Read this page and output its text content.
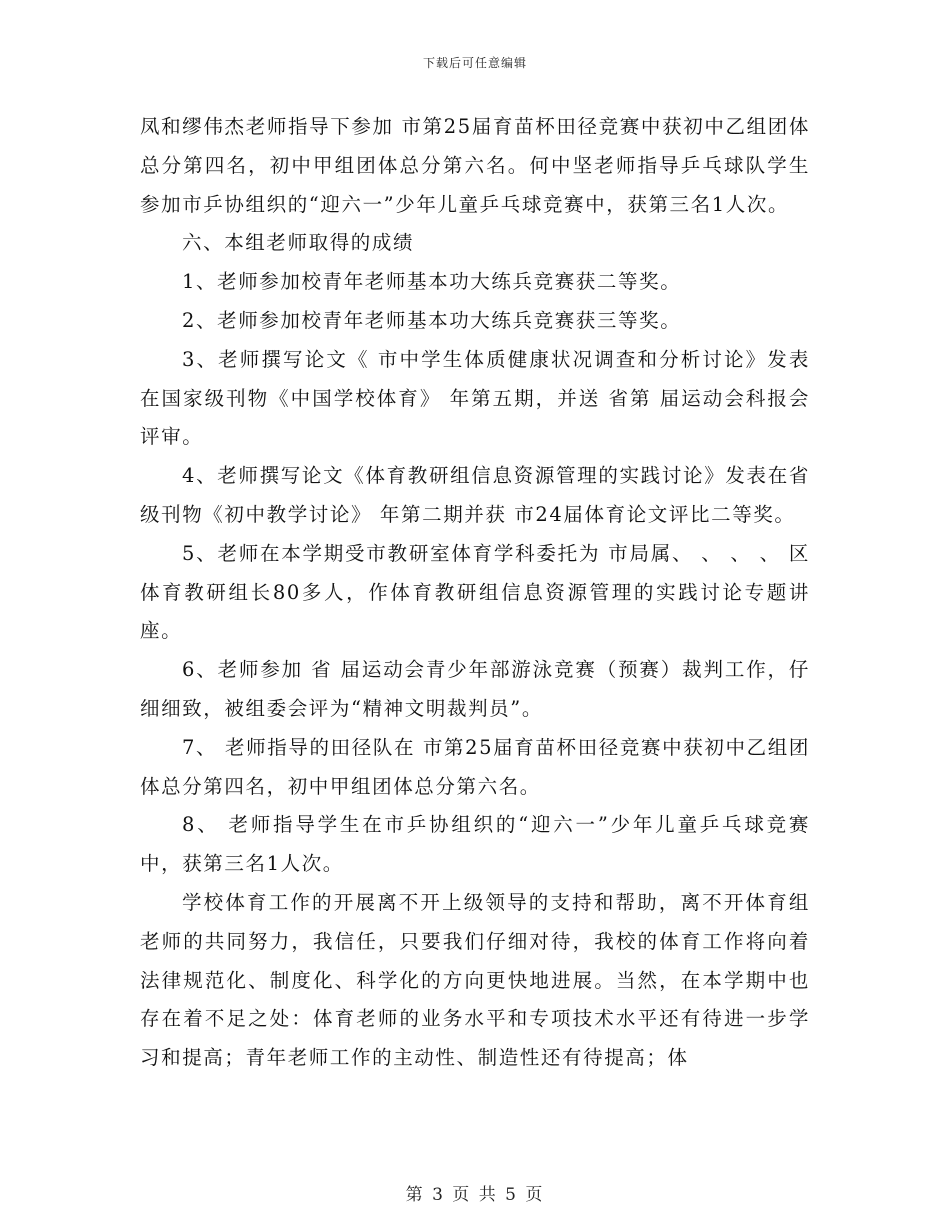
下载后可任意编辑

凤和缪伟杰老师指导下参加 市第25届育苗杯田径竞赛中获初中乙组团体总分第四名，初中甲组团体总分第六名。何中坚老师指导乒乓球队学生参加市乒协组织的“迎六一”少年儿童乒乓球竞赛中，获第三名1人次。

六、本组老师取得的成绩

1、老师参加校青年老师基本功大练兵竞赛获二等奖。

2、老师参加校青年老师基本功大练兵竞赛获三等奖。

3、老师撰写论文《 市中学生体质健康状况调查和分析讨论》发表在国家级刊物《中国学校体育》 年第五期，并送 省第 届运动会科报会评审。

4、老师撰写论文《体育教研组信息资源管理的实践讨论》发表在省级刊物《初中教学讨论》 年第二期并获 市24届体育论文评比二等奖。

5、老师在本学期受市教研室体育学科委托为 市局属、 、 、 、 区体育教研组长80多人，作体育教研组信息资源管理的实践讨论专题讲座。

6、老师参加 省 届运动会青少年部游泳竞赛（预赛）裁判工作，仔细细致，被组委会评为“精神文明裁判员”。

7、 老师指导的田径队在 市第25届育苗杯田径竞赛中获初中乙组团体总分第四名，初中甲组团体总分第六名。

8、 老师指导学生在市乒协组织的“迎六一”少年儿童乒乓球竞赛中，获第三名1人次。

学校体育工作的开展离不开上级领导的支持和帮助，离不开体育组老师的共同努力，我信任，只要我们仔细对待，我校的体育工作将向着法律规范化、制度化、科学化的方向更快地进展。当然，在本学期中也存在着不足之处：体育老师的业务水平和专项技术水平还有待进一步学习和提高；青年老师工作的主动性、制造性还有待提高；体

第 3 页 共 5 页
